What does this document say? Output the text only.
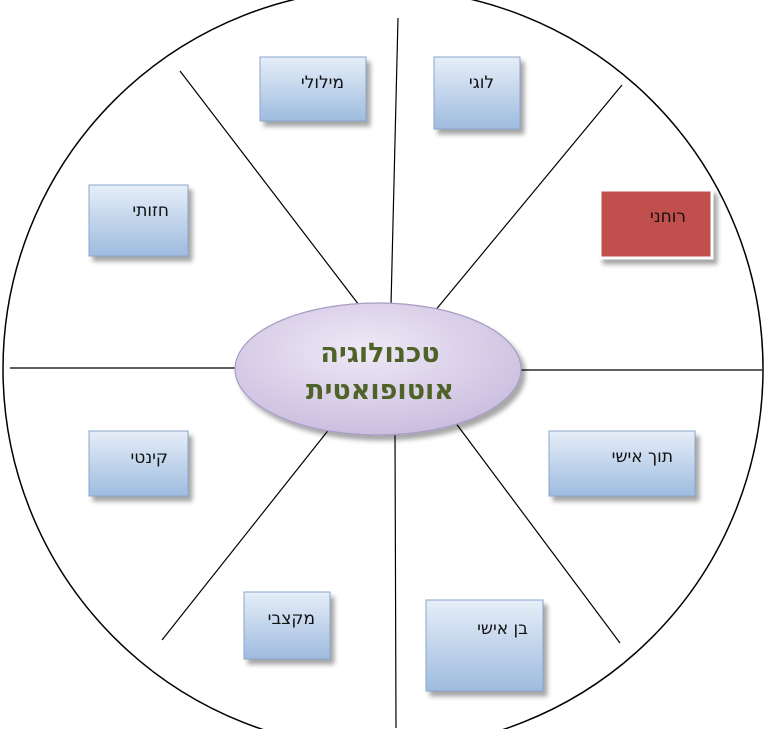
לוגי
רוחני
תוך אישי
בן אישי
מקצבי
קינטי
חזותי
מילולי
טכנולוגיה
אוטופואטית
